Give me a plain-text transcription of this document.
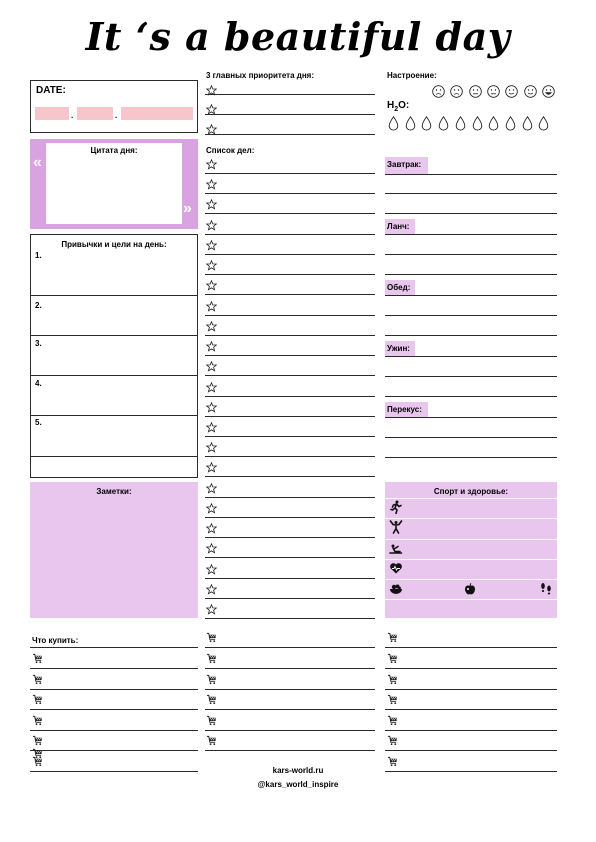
It ‘s a beautiful day
DATE:
.	.
Цитата дня:
«
»
Привычки и цели на день:
1.
2.
3.
4.
5.
Заметки:
Что купить:
3 главных приоритета дня:
Список дел:
Настроение:
$H_2O$:
Завтрак:
Ланч:
Обед:
Ужин:
Перекус:
Спорт и здоровье:
kars-world.ru
@kars_world_inspire
